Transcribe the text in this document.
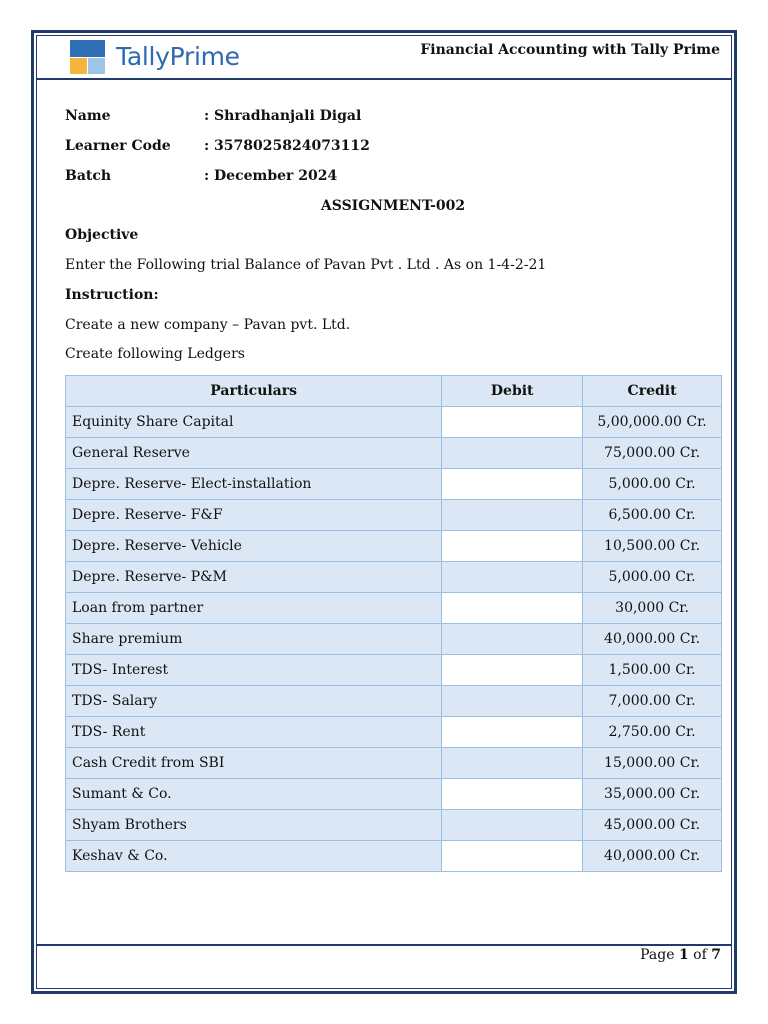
TallyPrime	Financial Accounting with Tally Prime
Name	: Shradhanjali Digal
Learner Code : 3578025824073112
Batch	: December 2024
ASSIGNMENT-002
Objective
Enter the Following trial Balance of Pavan Pvt . Ltd . As on 1-4-2-21
Instruction:
Create a new company – Pavan pvt. Ltd.
Create following Ledgers
Particulars	Debit	Credit
Equinity Share Capital		5,00,000.00 Cr.
General Reserve		75,000.00 Cr.
Depre. Reserve- Elect-installation		5,000.00 Cr.
Depre. Reserve- F&F		6,500.00 Cr.
Depre. Reserve- Vehicle		10,500.00 Cr.
Depre. Reserve- P&M		5,000.00 Cr.
Loan from partner		30,000 Cr.
Share premium		40,000.00 Cr.
TDS- Interest		1,500.00 Cr.
TDS- Salary		7,000.00 Cr.
TDS- Rent		2,750.00 Cr.
Cash Credit from SBI		15,000.00 Cr.
Sumant & Co.		35,000.00 Cr.
Shyam Brothers		45,000.00 Cr.
Keshav & Co.		40,000.00 Cr.
Page 1 of 7
